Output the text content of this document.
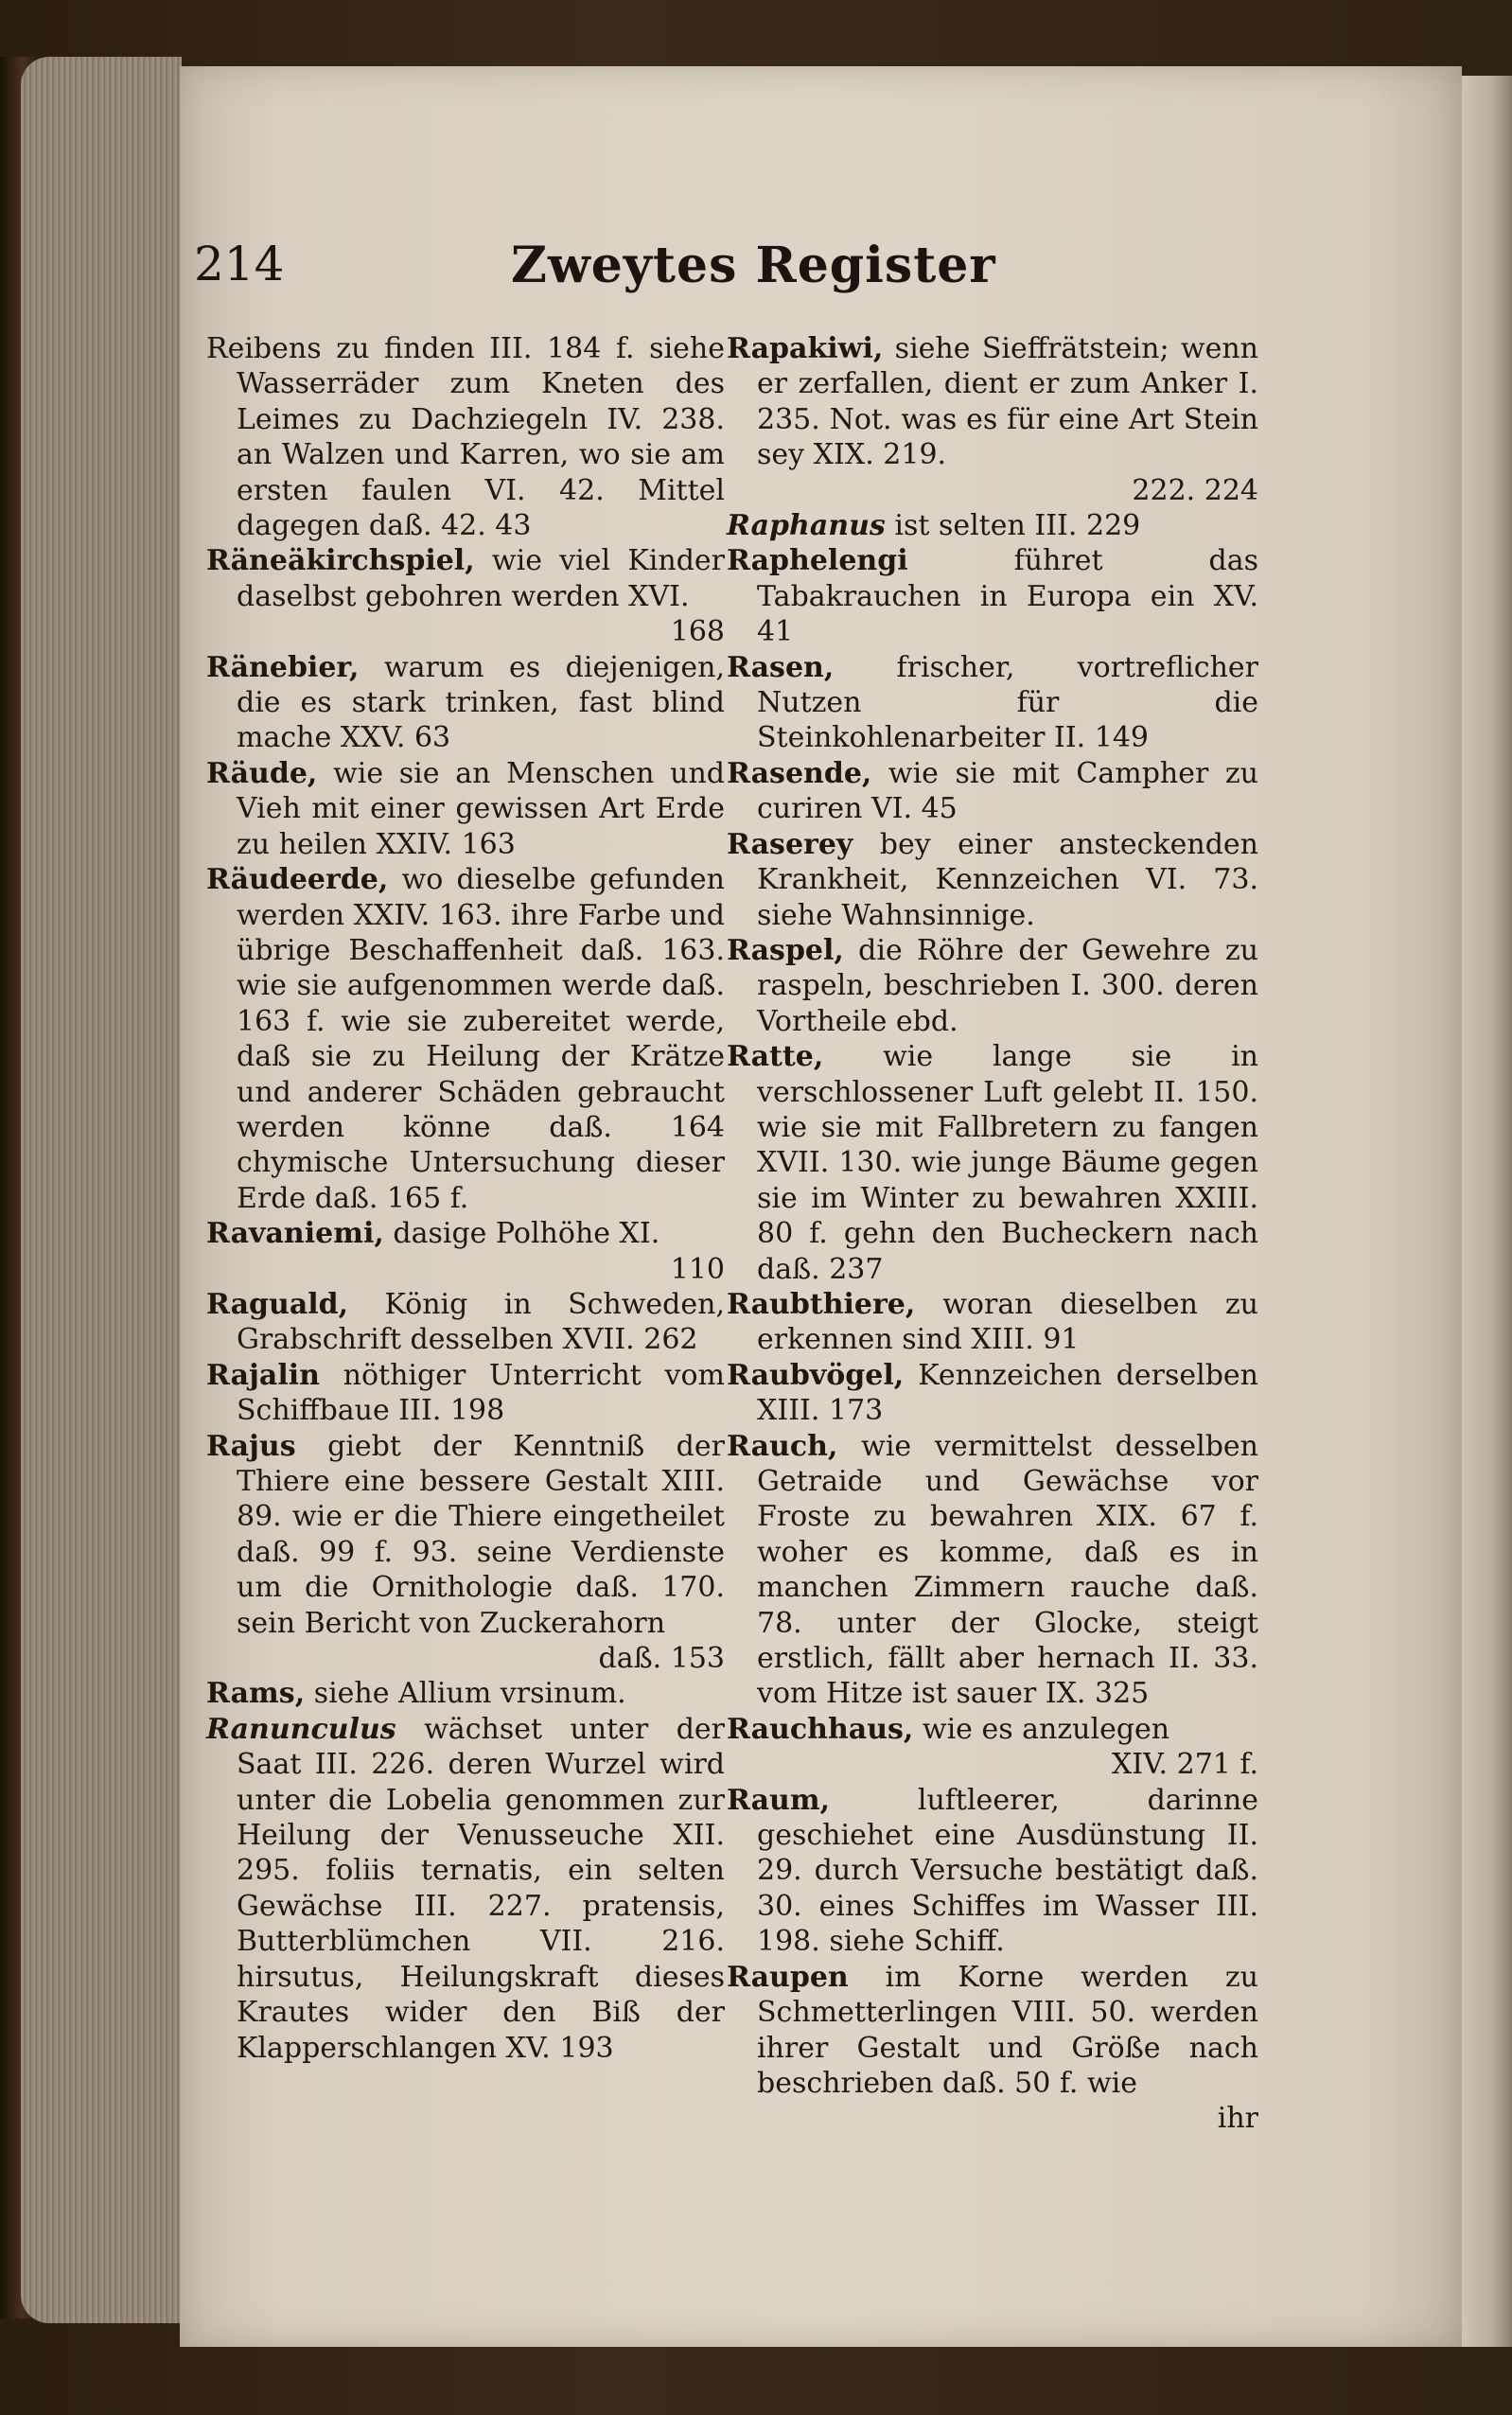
214	Zweytes Register

Reibens zu finden III. 184 f. siehe Wasserräder zum Kneten des Leimes zu Dachziegeln IV. 238. an Walzen und Karren, wo sie am ersten faulen VI. 42. Mittel dagegen daß. 42. 43

Räneäkirchspiel, wie viel Kinder daselbst gebohren werden XVI.
168

Ränebier, warum es diejenigen, die es stark trinken, fast blind mache XXV. 63

Räude, wie sie an Menschen und Vieh mit einer gewissen Art Erde zu heilen XXIV. 163

Räudeerde, wo dieselbe gefunden werden XXIV. 163. ihre Farbe und übrige Beschaffenheit daß. 163. wie sie aufgenommen werde daß. 163 f. wie sie zubereitet werde, daß sie zu Heilung der Krätze und anderer Schäden gebraucht werden könne daß. 164 chymische Untersuchung dieser Erde daß. 165 f.

Ravaniemi, dasige Polhöhe XI.
110

Raguald, König in Schweden, Grabschrift desselben XVII. 262

Rajalin nöthiger Unterricht vom Schiffbaue III. 198

Rajus giebt der Kenntniß der Thiere eine bessere Gestalt XIII. 89. wie er die Thiere eingetheilet daß. 99 f. 93. seine Verdienste um die Ornithologie daß. 170. sein Bericht von Zuckerahorn
daß. 153

Rams, siehe Allium vrsinum.

Ranunculus wächset unter der Saat III. 226. deren Wurzel wird unter die Lobelia genommen zur Heilung der Venusseuche XII. 295. foliis ternatis, ein selten Gewächse III. 227. pratensis, Butterblümchen VII. 216. hirsutus, Heilungskraft dieses Krautes wider den Biß der Klapperschlangen XV. 193

Rapakiwi, siehe Sieffrätstein; wenn er zerfallen, dient er zum Anker I. 235. Not. was es für eine Art Stein sey XIX. 219.
222. 224

Raphanus ist selten III. 229

Raphelengi	führet das Tabakrauchen in Europa ein XV. 41

Rasen, frischer, vortreflicher Nutzen für die Steinkohlenarbeiter II. 149

Rasende, wie sie mit Campher zu curiren VI. 45

Raserey bey einer ansteckenden Krankheit, Kennzeichen VI. 73. siehe Wahnsinnige.

Raspel, die Röhre der Gewehre zu raspeln, beschrieben I. 300. deren Vortheile ebd.

Ratte, wie lange sie in verschlossener Luft gelebt II. 150. wie sie mit Fallbretern zu fangen XVII. 130. wie junge Bäume gegen sie im Winter zu bewahren XXIII. 80 f. gehn den Bucheckern nach daß. 237

Raubthiere, woran dieselben zu erkennen sind XIII. 91

Raubvögel, Kennzeichen derselben XIII. 173

Rauch, wie vermittelst desselben Getraide und Gewächse vor Froste zu bewahren XIX. 67 f. woher es komme, daß es in manchen Zimmern rauche daß. 78. unter der Glocke, steigt erstlich, fällt aber hernach II. 33. vom Hitze ist sauer IX. 325

Rauchhaus, wie es anzulegen
XIV. 271 f.

Raum,	luftleerer, darinne geschiehet eine Ausdünstung II. 29. durch Versuche bestätigt daß. 30. eines Schiffes im Wasser III. 198. siehe Schiff.

Raupen im Korne werden zu Schmetterlingen VIII. 50. werden ihrer Gestalt und Größe nach beschrieben daß. 50 f. wie
ihr
